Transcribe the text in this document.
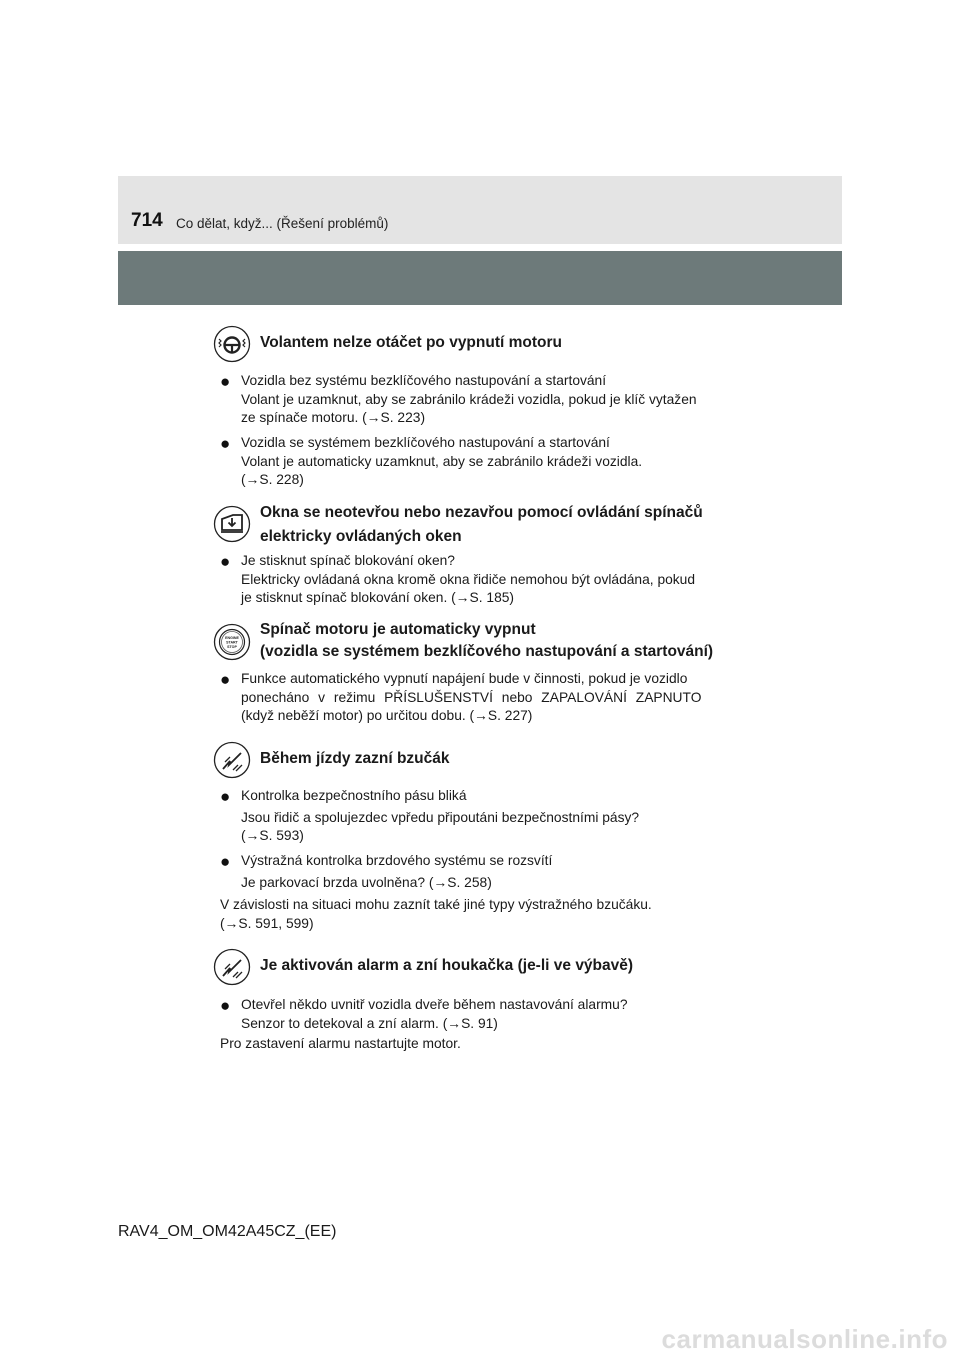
714 Co dělat, když... (Řešení problémů)
Volantem nelze otáčet po vypnutí motoru
● Vozidla bez systému bezklíčového nastupování a startování
Volant je uzamknut, aby se zabránilo krádeži vozidla, pokud je klíč vytažen
ze spínače motoru. (→S. 223)
● Vozidla se systémem bezklíčového nastupování a startování
Volant je automaticky uzamknut, aby se zabránilo krádeži vozidla.
(→S. 228)
Okna se neotevřou nebo nezavřou pomocí ovládání spínačů
elektricky ovládaných oken
● Je stisknut spínač blokování oken?
Elektricky ovládaná okna kromě okna řidiče nemohou být ovládána, pokud
je stisknut spínač blokování oken. (→S. 185)
ENGINE
START
STOP
Spínač motoru je automaticky vypnut
(vozidla se systémem bezklíčového nastupování a startování)
● Funkce automatického vypnutí napájení bude v činnosti, pokud je vozidlo
ponecháno v režimu PŘÍSLUŠENSTVÍ nebo ZAPALOVÁNÍ ZAPNUTO
(když neběží motor) po určitou dobu. (→S. 227)
Během jízdy zazní bzučák
● Kontrolka bezpečnostního pásu bliká
Jsou řidič a spolujezdec vpředu připoutáni bezpečnostními pásy?
(→S. 593)
● Výstražná kontrolka brzdového systému se rozsvítí
Je parkovací brzda uvolněna? (→S. 258)
V závislosti na situaci mohu zaznít také jiné typy výstražného bzučáku.
(→S. 591, 599)
Je aktivován alarm a zní houkačka (je-li ve výbavě)
● Otevřel někdo uvnitř vozidla dveře během nastavování alarmu?
Senzor to detekoval a zní alarm. (→S. 91)
Pro zastavení alarmu nastartujte motor.
RAV4_OM_OM42A45CZ_(EE)
carmanualsonline.info
